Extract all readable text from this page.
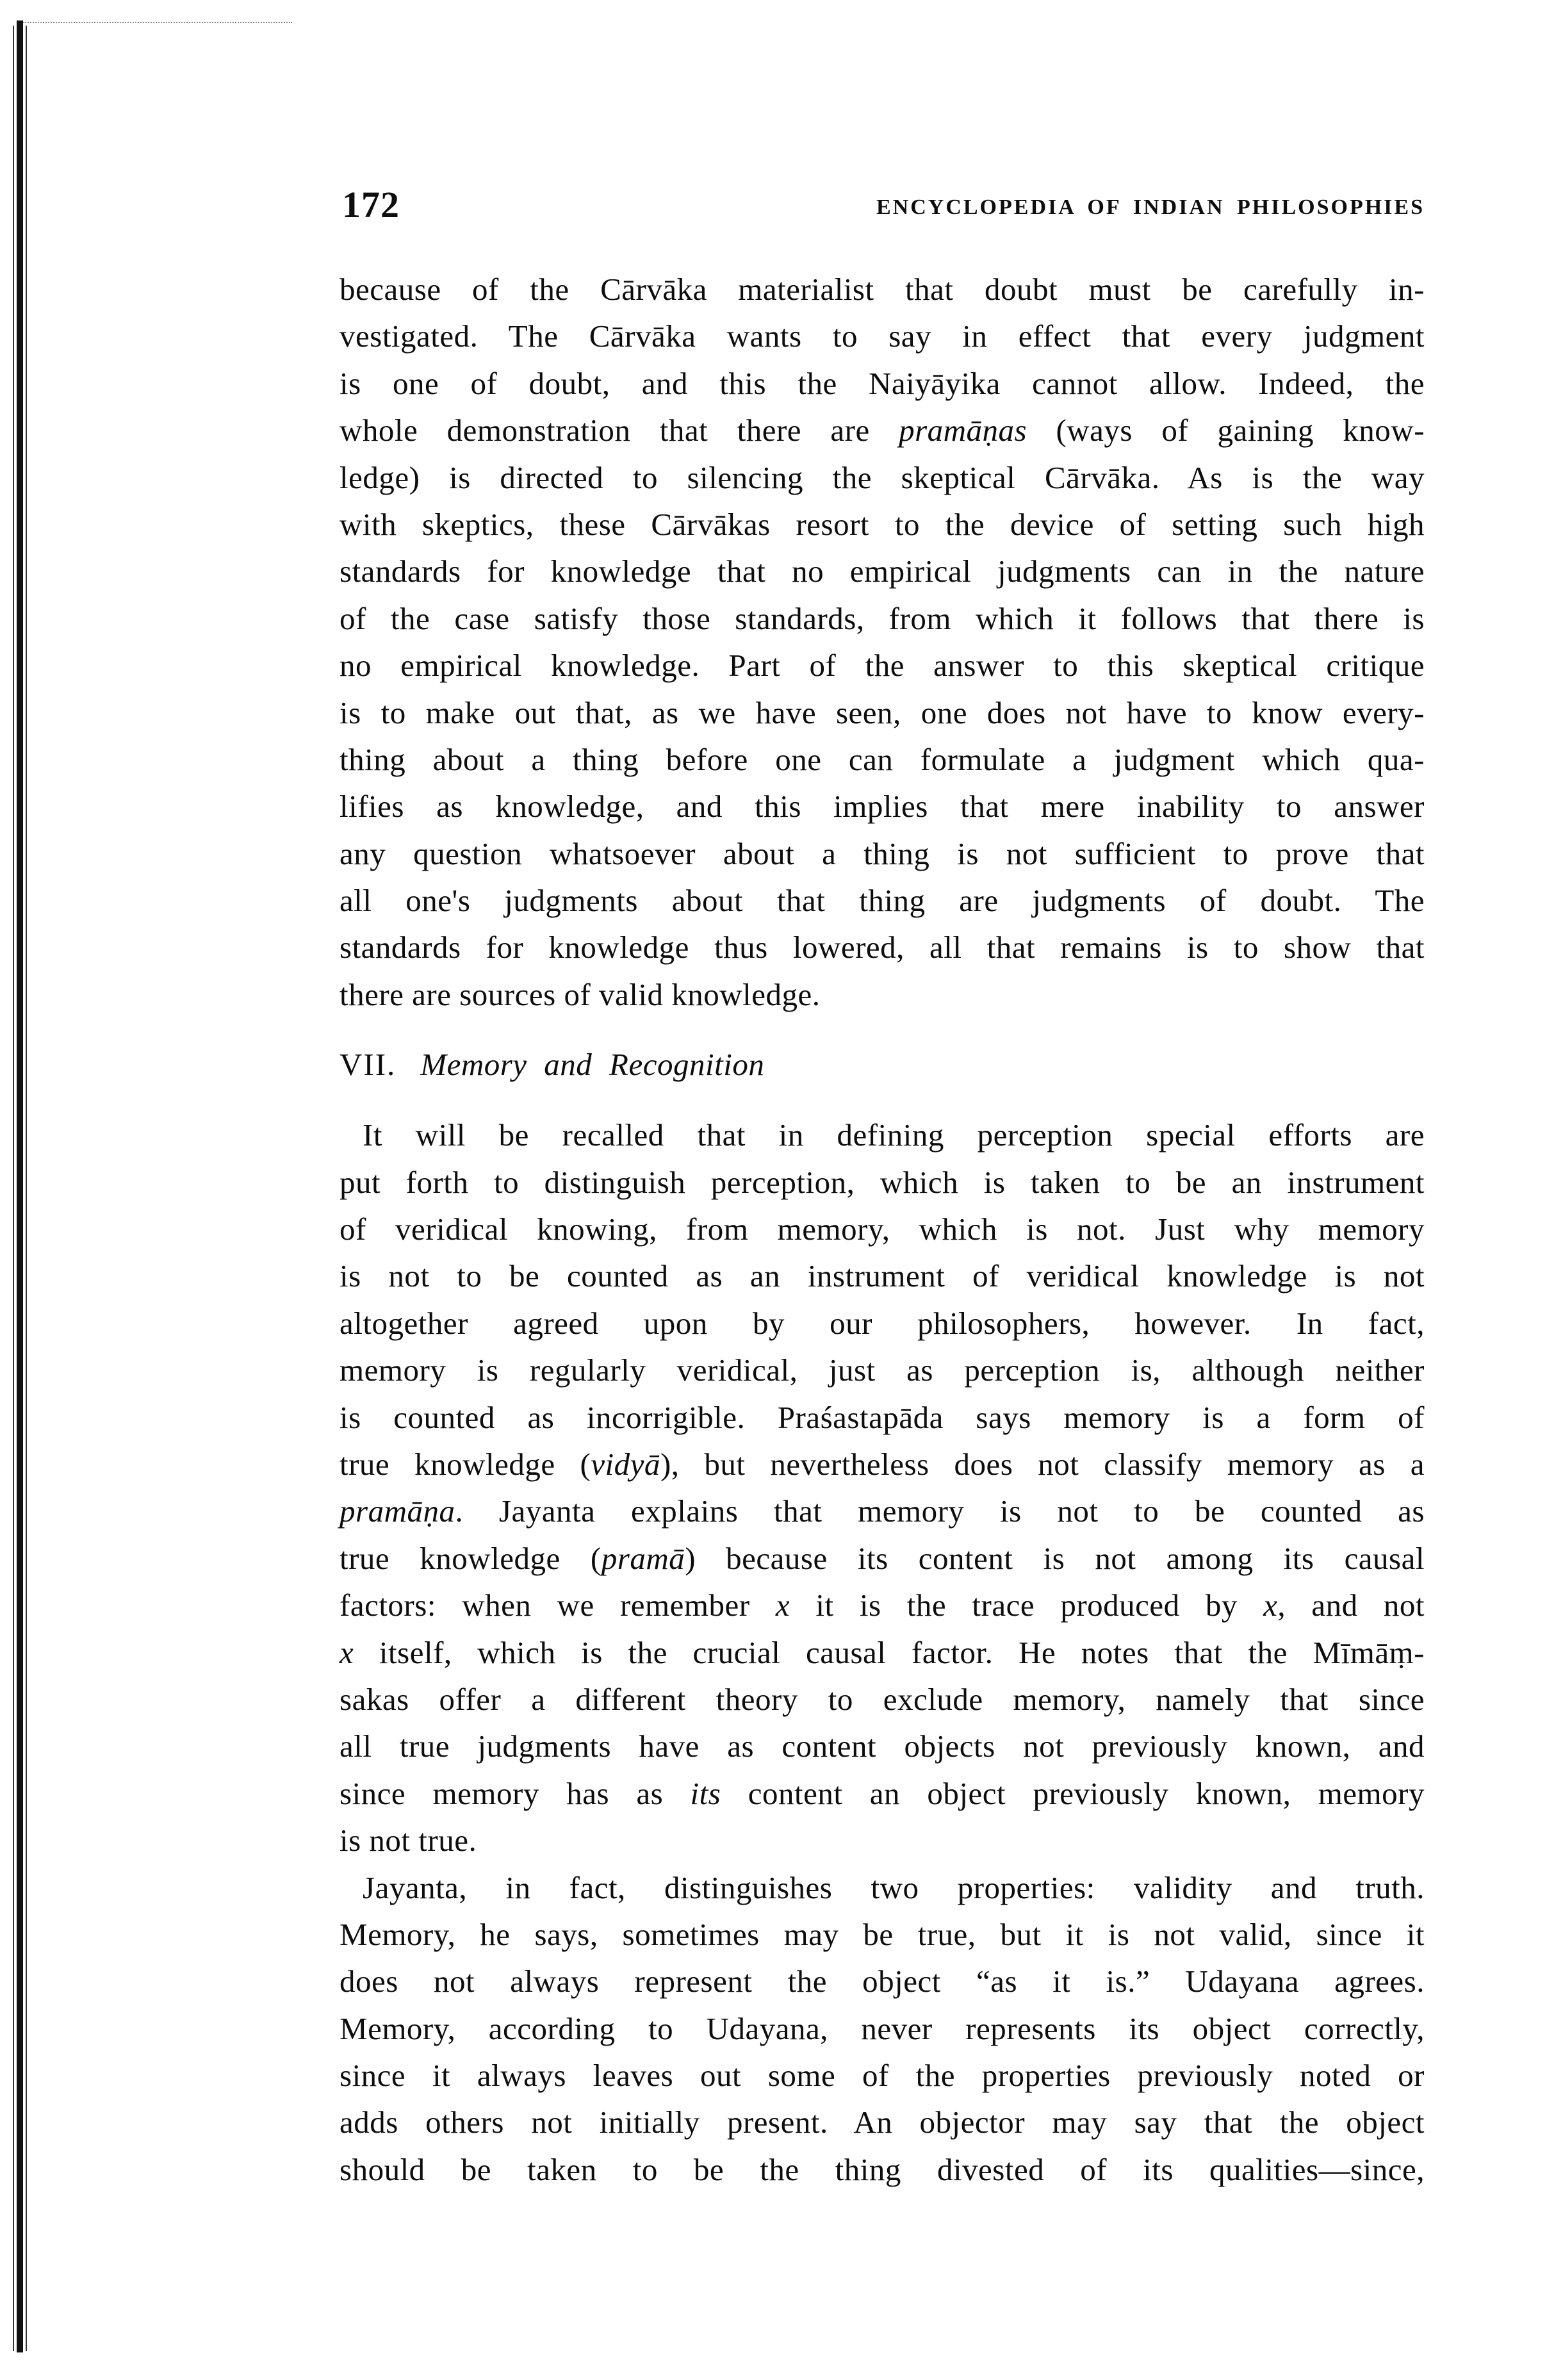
172	ENCYCLOPEDIA OF INDIAN PHILOSOPHIES
because of the Cārvāka materialist that doubt must be carefully in-
vestigated. The Cārvāka wants to say in effect that every judgment
is one of doubt, and this the Naiyāyika cannot allow. Indeed, the
whole demonstration that there are pramāṇas (ways of gaining know-
ledge) is directed to silencing the skeptical Cārvāka. As is the way
with skeptics, these Cārvākas resort to the device of setting such high
standards for knowledge that no empirical judgments can in the nature
of the case satisfy those standards, from which it follows that there is
no empirical knowledge. Part of the answer to this skeptical critique
is to make out that, as we have seen, one does not have to know every-
thing about a thing before one can formulate a judgment which qua-
lifies as knowledge, and this implies that mere inability to answer
any question whatsoever about a thing is not sufficient to prove that
all one's judgments about that thing are judgments of doubt. The
standards for knowledge thus lowered, all that remains is to show that
there are sources of valid knowledge.
VII. Memory and Recognition
It will be recalled that in defining perception special efforts are
put forth to distinguish perception, which is taken to be an instrument
of veridical knowing, from memory, which is not. Just why memory
is not to be counted as an instrument of veridical knowledge is not
altogether agreed upon by our philosophers, however. In fact,
memory is regularly veridical, just as perception is, although neither
is counted as incorrigible. Praśastapāda says memory is a form of
true knowledge (vidyā), but nevertheless does not classify memory as a
pramāṇa. Jayanta explains that memory is not to be counted as
true knowledge (pramā) because its content is not among its causal
factors: when we remember x it is the trace produced by x, and not
x itself, which is the crucial causal factor. He notes that the Mīmāṃ-
sakas offer a different theory to exclude memory, namely that since
all true judgments have as content objects not previously known, and
since memory has as its content an object previously known, memory
is not true.
Jayanta, in fact, distinguishes two properties: validity and truth.
Memory, he says, sometimes may be true, but it is not valid, since it
does not always represent the object “as it is.” Udayana agrees.
Memory, according to Udayana, never represents its object correctly,
since it always leaves out some of the properties previously noted or
adds others not initially present. An objector may say that the object
should be taken to be the thing divested of its qualities—since,
